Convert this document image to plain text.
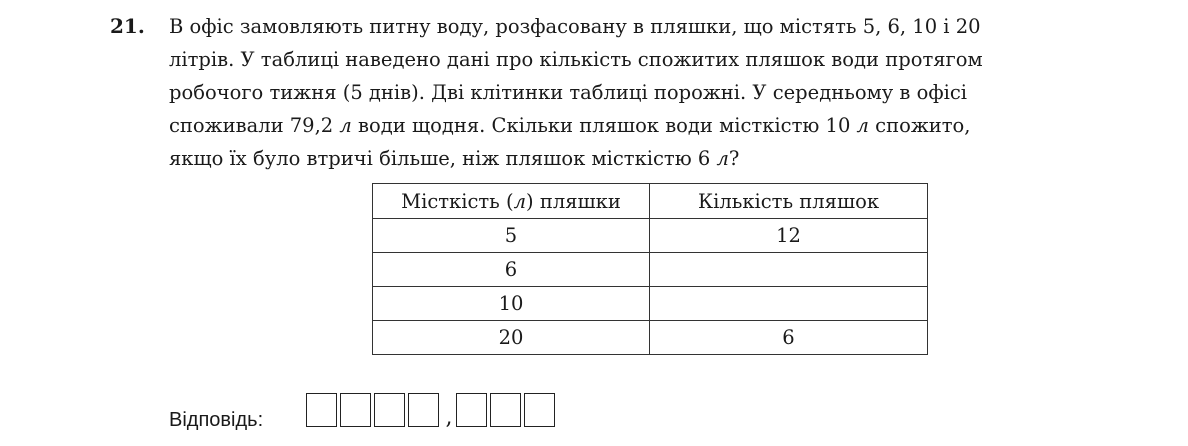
21. В офіс замовляють питну воду, розфасовану в пляшки, що містять 5, 6, 10 і 20
літрів. У таблиці наведено дані про кількість спожитих пляшок води протягом
робочого тижня (5 днів). Дві клітинки таблиці порожні. У середньому в офісі
споживали 79,2 л води щодня. Скільки пляшок води місткістю 10 л спожито,
якщо їх було втричі більше, ніж пляшок місткістю 6 л?
Місткість (л) пляшки	Кількість пляшок
5	12
6	
10	
20	6
Відповідь:	,
